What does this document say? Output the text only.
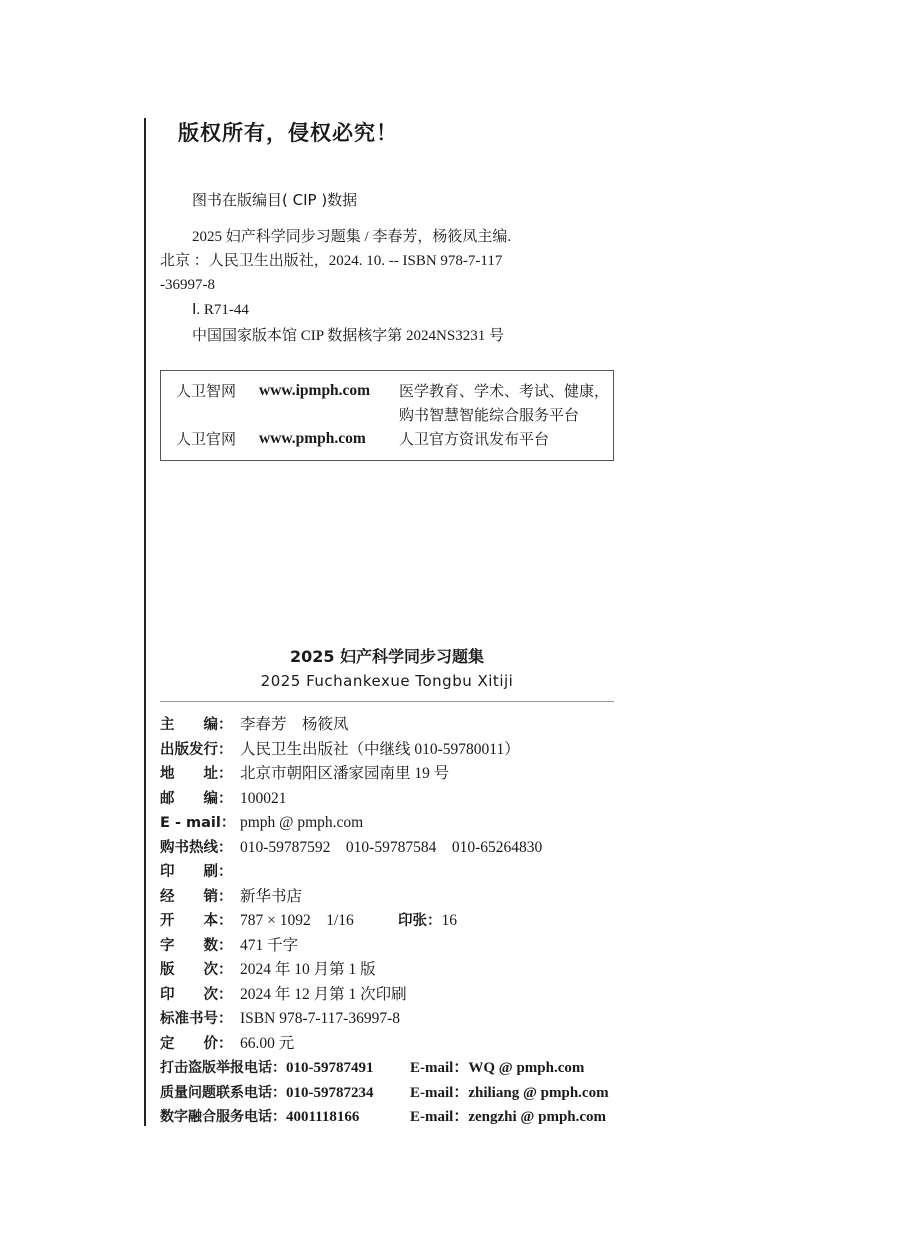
版权所有，侵权必究！
图书在版编目( CIP )数据
2025 妇产科学同步习题集 / 李春芳，杨筱凤主编.
北京 ：人民卫生出版社，2024. 10. -- ISBN 978-7-117
-36997-8
Ⅰ. R71-44
中国国家版本馆 CIP 数据核字第 2024NS3231 号
人卫智网 www.ipmph.com 医学教育、学术、考试、健康，
购书智慧智能综合服务平台
人卫官网 www.pmph.com 人卫官方资讯发布平台
2025 妇产科学同步习题集
2025 Fuchankexue Tongbu Xitiji
主　　编： 李春芳　杨筱凤
出版发行： 人民卫生出版社（中继线 010-59780011）
地　　址： 北京市朝阳区潘家园南里 19 号
邮　　编： 100021
E - mail： pmph @ pmph.com
购书热线： 010-59787592　010-59787584　010-65264830
印　　刷：
经　　销： 新华书店
开　　本： 787 × 1092　1/16	印张：16
字　　数： 471 千字
版　　次： 2024 年 10 月第 1 版
印　　次： 2024 年 12 月第 1 次印刷
标准书号： ISBN 978-7-117-36997-8
定　　价： 66.00 元
打击盗版举报电话：010-59787491 E-mail：WQ @ pmph.com
质量问题联系电话：010-59787234 E-mail：zhiliang @ pmph.com
数字融合服务电话：4001118166	E-mail：zengzhi @ pmph.com
